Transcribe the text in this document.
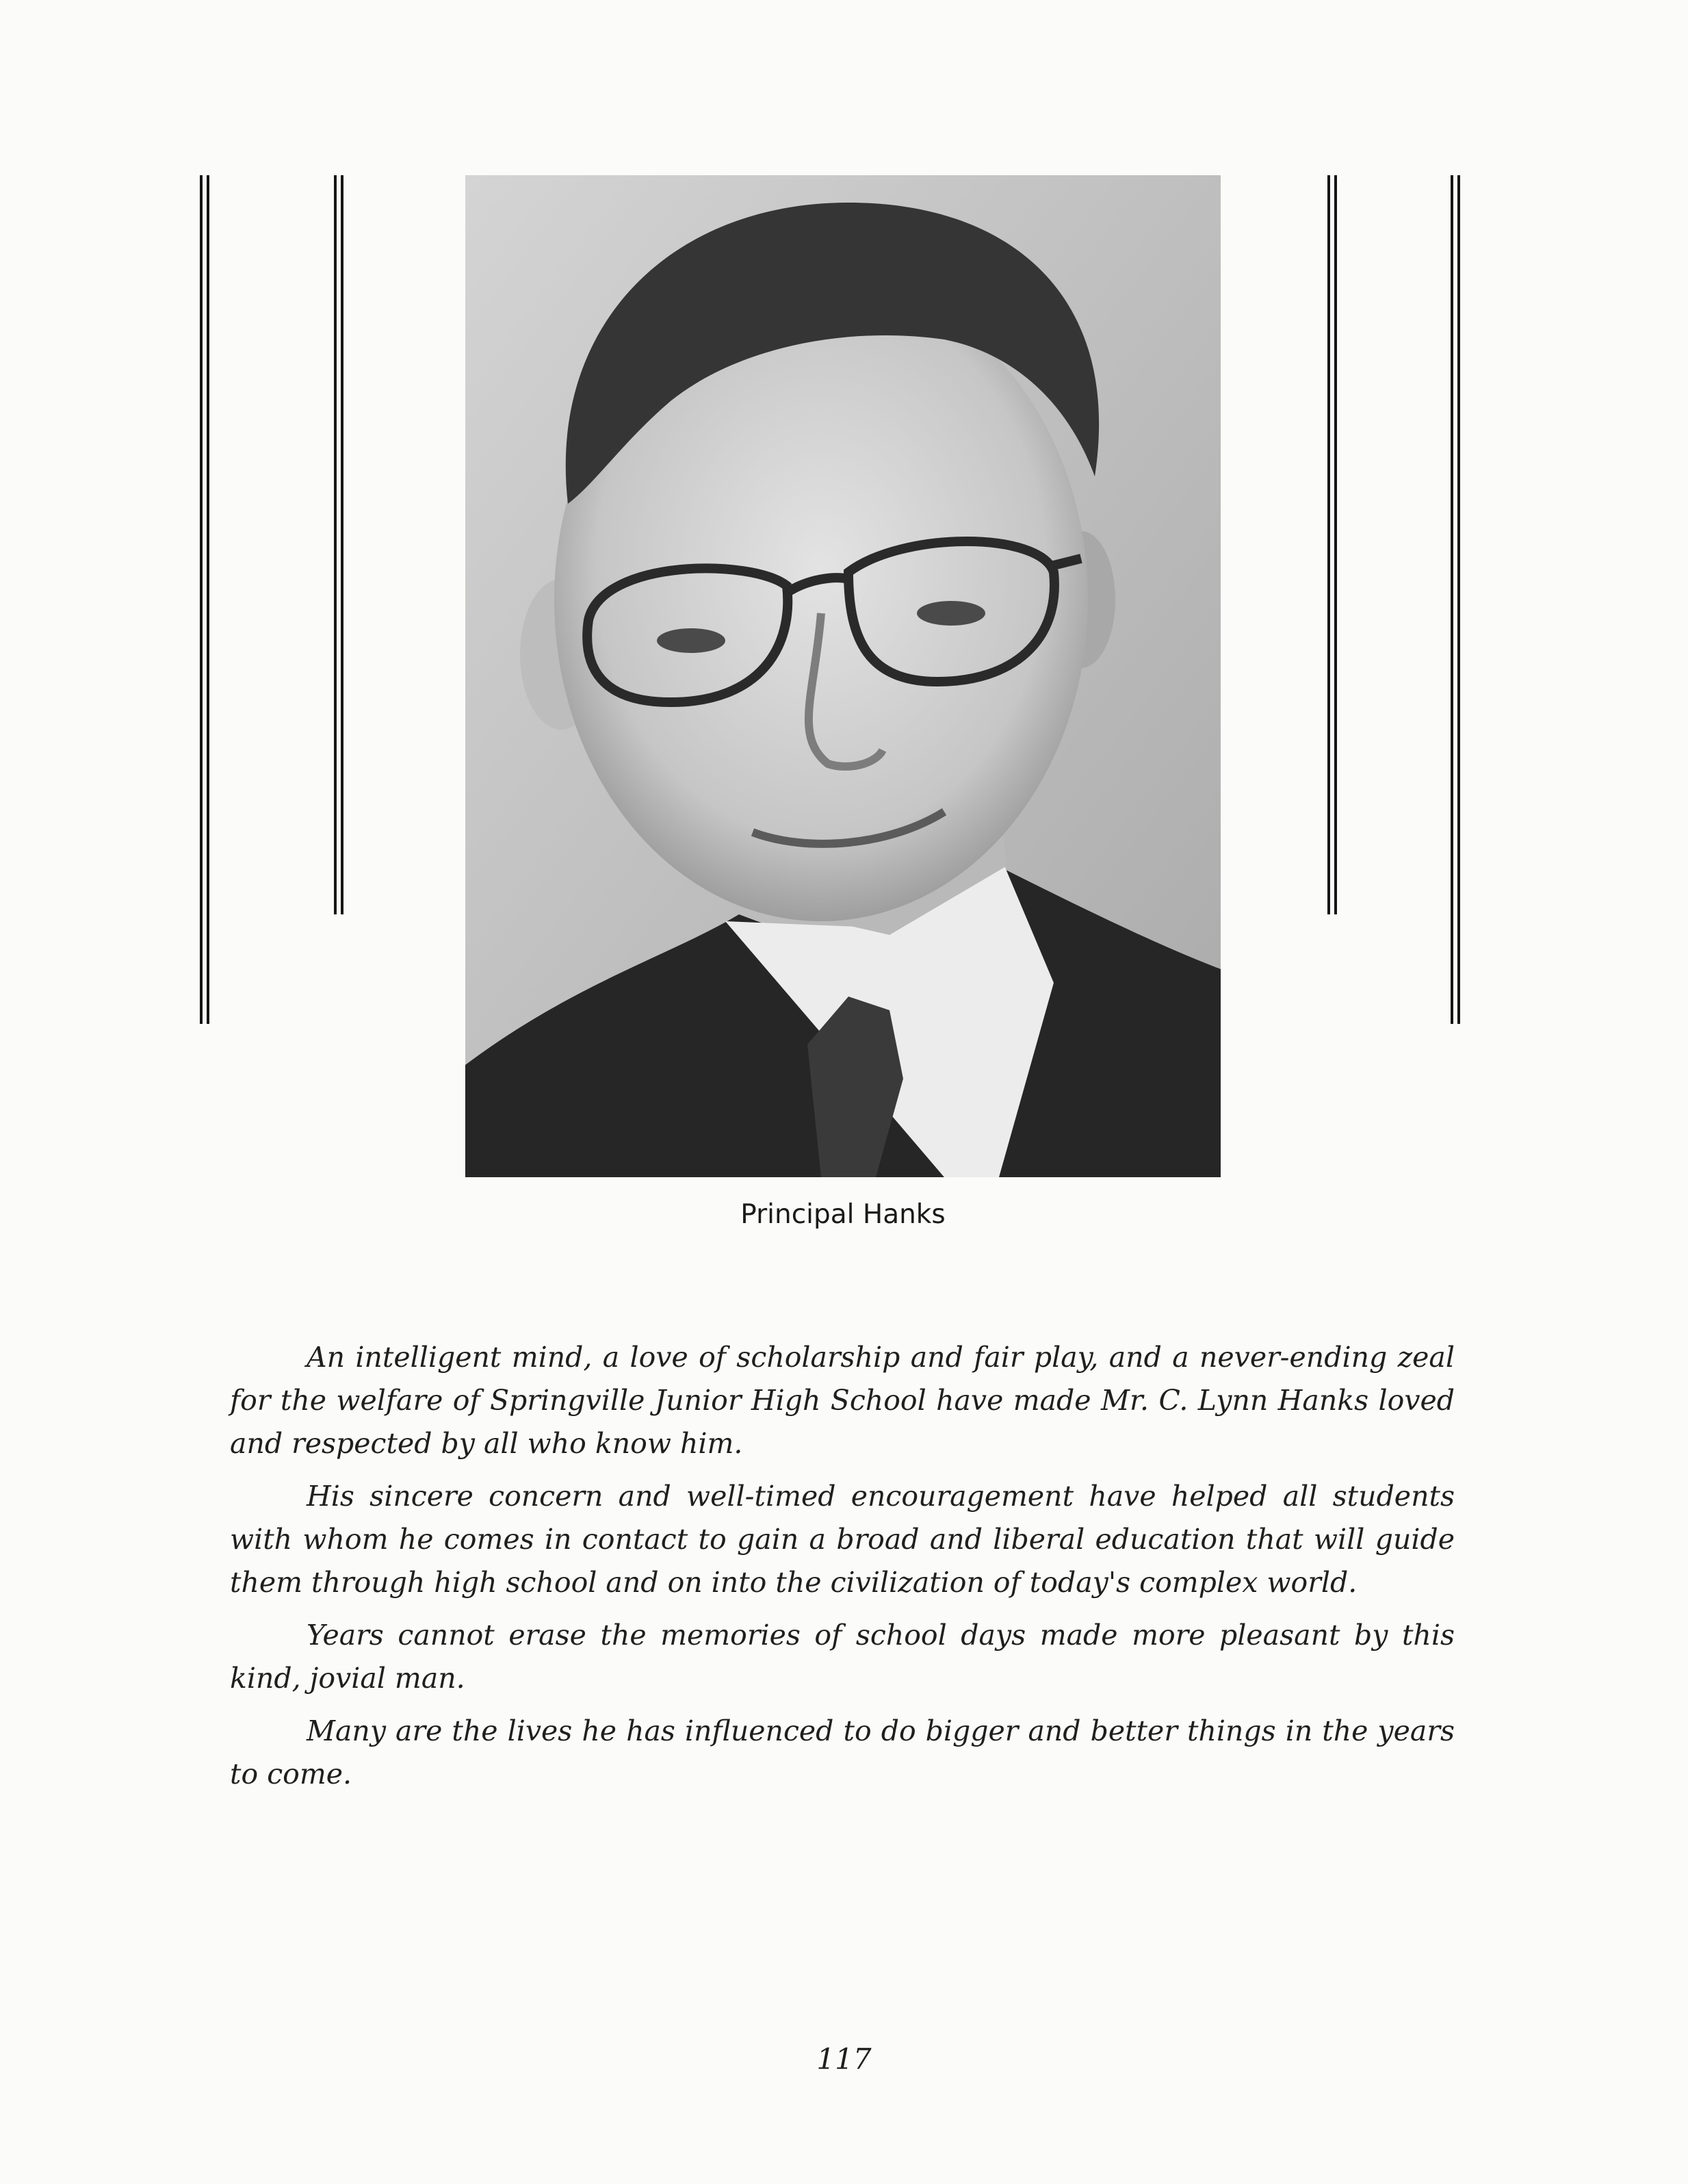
Principal Hanks

An intelligent mind, a love of scholarship and fair play, and a never-ending zeal for the welfare of Springville Junior High School have made Mr. C. Lynn Hanks loved and respected by all who know him.

His sincere concern and well-timed encouragement have helped all students with whom he comes in contact to gain a broad and liberal education that will guide them through high school and on into the civilization of today's complex world.

Years cannot erase the memories of school days made more pleasant by this kind, jovial man.

Many are the lives he has influenced to do bigger and better things in the years to come.

117
